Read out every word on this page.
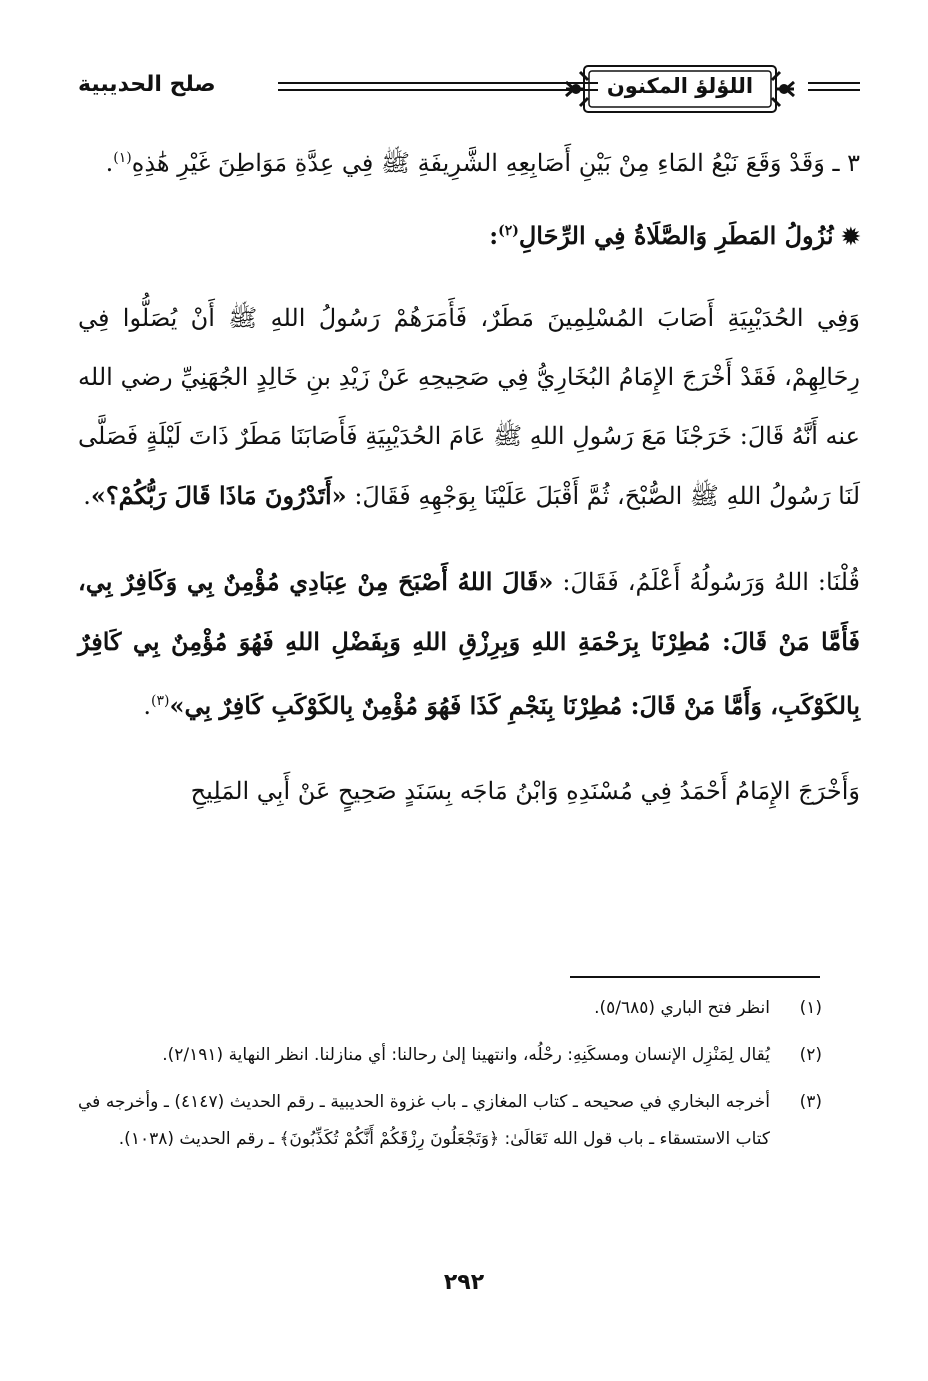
اللؤلؤ المكنون
صلح الحديبية

٣ ـ وَقَدْ وَقَعَ نَبْعُ المَاءِ مِنْ بَيْنِ أَصَابِعِهِ الشَّرِيفَةِ ﷺ فِي عِدَّةِ مَوَاطِنَ غَيْرِ هَٰذِهِ$^{(١)}$.

✹نُزُولُ المَطَرِ وَالصَّلَاةُ فِي الرِّحَالِ$^{(٢)}$:

وَفِي الحُدَيْبِيَةِ أَصَابَ المُسْلِمِينَ مَطَرٌ، فَأَمَرَهُمْ رَسُولُ اللهِ ﷺ أَنْ يُصَلُّوا فِي رِحَالِهِمْ، فَقَدْ أَخْرَجَ الإِمَامُ البُخَارِيُّ فِي صَحِيحِهِ عَنْ زَيْدِ بنِ خَالِدٍ الجُهَنِيِّ رضي الله عنه أَنَّهُ قَالَ: خَرَجْنَا مَعَ رَسُولِ اللهِ ﷺ عَامَ الحُدَيْبِيَةِ فَأَصَابَنَا مَطَرٌ ذَاتَ لَيْلَةٍ فَصَلَّى لَنَا رَسُولُ اللهِ ﷺ الصُّبْحَ، ثُمَّ أَقْبَلَ عَلَيْنَا بِوَجْهِهِ فَقَالَ: «أَتَدْرُونَ مَاذَا قَالَ رَبُّكُمْ؟».

قُلْنَا: اللهُ وَرَسُولُهُ أَعْلَمُ، فَقَالَ: «قَالَ اللهُ أَصْبَحَ مِنْ عِبَادِي مُؤْمِنٌ بِي وَكَافِرٌ بِي، فَأَمَّا مَنْ قَالَ: مُطِرْنَا بِرَحْمَةِ اللهِ وَبِرِزْقِ اللهِ وَبِفَضْلِ اللهِ فَهُوَ مُؤْمِنٌ بِي كَافِرٌ بِالكَوْكَبِ، وَأَمَّا مَنْ قَالَ: مُطِرْنَا بِنَجْمِ كَذَا فَهُوَ مُؤْمِنٌ بِالكَوْكَبِ كَافِرٌ بِي»$^{(٣)}$.

وَأَخْرَجَ الإِمَامُ أَحْمَدُ فِي مُسْنَدِهِ وَابْنُ مَاجَه بِسَنَدٍ صَحِيحٍ عَنْ أَبِي المَلِيحِ

(١)
انظر فتح الباري (٥/٦٨٥).
(٢)
يُقال لِمَنْزِل الإنسان ومسكَنِهِ: رحْلُه، وانتهينا إلىٰ رحالنا: أي منازلنا. انظر النهاية (٢/١٩١).
(٣)
أخرجه البخاري في صحيحه ـ كتاب المغازي ـ باب غزوة الحديبية ـ رقم الحديث (٤١٤٧) ـ وأخرجه في كتاب الاستسقاء ـ باب قول الله تَعَالَىٰ: ﴿وَتَجْعَلُونَ رِزْقَكُمْ أَنَّكُمْ تُكَذِّبُونَ﴾ ـ رقم الحديث (١٠٣٨).
٢٩٢
